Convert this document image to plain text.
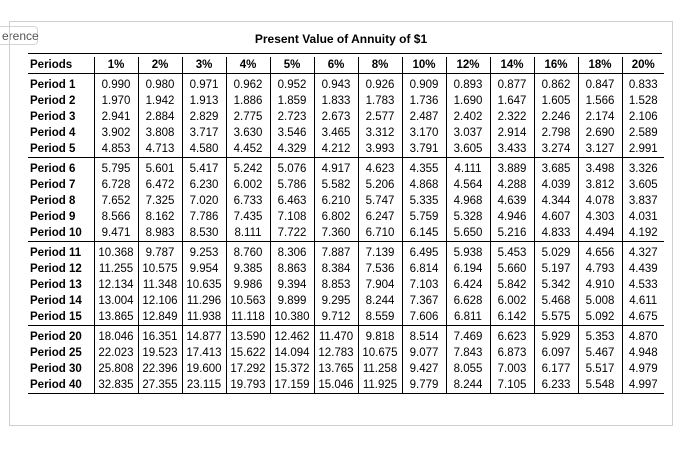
erence	Present Value of Annuity of $1
Periods	1%	2%	3%	4%	5%	6%	8%	10%	12%	14%	16%	18%	20%
Period 1	0.990	0.980	0.971	0.962	0.952	0.943	0.926	0.909	0.893	0.877	0.862	0.847	0.833
Period 2	1.970	1.942	1.913	1.886	1.859	1.833	1.783	1.736	1.690	1.647	1.605	1.566	1.528
Period 3	2.941	2.884	2.829	2.775	2.723	2.673	2.577	2.487	2.402	2.322	2.246	2.174	2.106
Period 4	3.902	3.808	3.717	3.630	3.546	3.465	3.312	3.170	3.037	2.914	2.798	2.690	2.589
Period 5	4.853	4.713	4.580	4.452	4.329	4.212	3.993	3.791	3.605	3.433	3.274	3.127	2.991
Period 6	5.795	5.601	5.417	5.242	5.076	4.917	4.623	4.355	4.111	3.889	3.685	3.498	3.326
Period 7	6.728	6.472	6.230	6.002	5.786	5.582	5.206	4.868	4.564	4.288	4.039	3.812	3.605
Period 8	7.652	7.325	7.020	6.733	6.463	6.210	5.747	5.335	4.968	4.639	4.344	4.078	3.837
Period 9	8.566	8.162	7.786	7.435	7.108	6.802	6.247	5.759	5.328	4.946	4.607	4.303	4.031
Period 10	9.471	8.983	8.530	8.111	7.722	7.360	6.710	6.145	5.650	5.216	4.833	4.494	4.192
Period 11	10.368	9.787	9.253	8.760	8.306	7.887	7.139	6.495	5.938	5.453	5.029	4.656	4.327
Period 12	11.255	10.575	9.954	9.385	8.863	8.384	7.536	6.814	6.194	5.660	5.197	4.793	4.439
Period 13	12.134	11.348	10.635	9.986	9.394	8.853	7.904	7.103	6.424	5.842	5.342	4.910	4.533
Period 14	13.004	12.106	11.296	10.563	9.899	9.295	8.244	7.367	6.628	6.002	5.468	5.008	4.611
Period 15	13.865	12.849	11.938	11.118	10.380	9.712	8.559	7.606	6.811	6.142	5.575	5.092	4.675
Period 20	18.046	16.351	14.877	13.590	12.462	11.470	9.818	8.514	7.469	6.623	5.929	5.353	4.870
Period 25	22.023	19.523	17.413	15.622	14.094	12.783	10.675	9.077	7.843	6.873	6.097	5.467	4.948
Period 30	25.808	22.396	19.600	17.292	15.372	13.765	11.258	9.427	8.055	7.003	6.177	5.517	4.979
Period 40	32.835	27.355	23.115	19.793	17.159	15.046	11.925	9.779	8.244	7.105	6.233	5.548	4.997
